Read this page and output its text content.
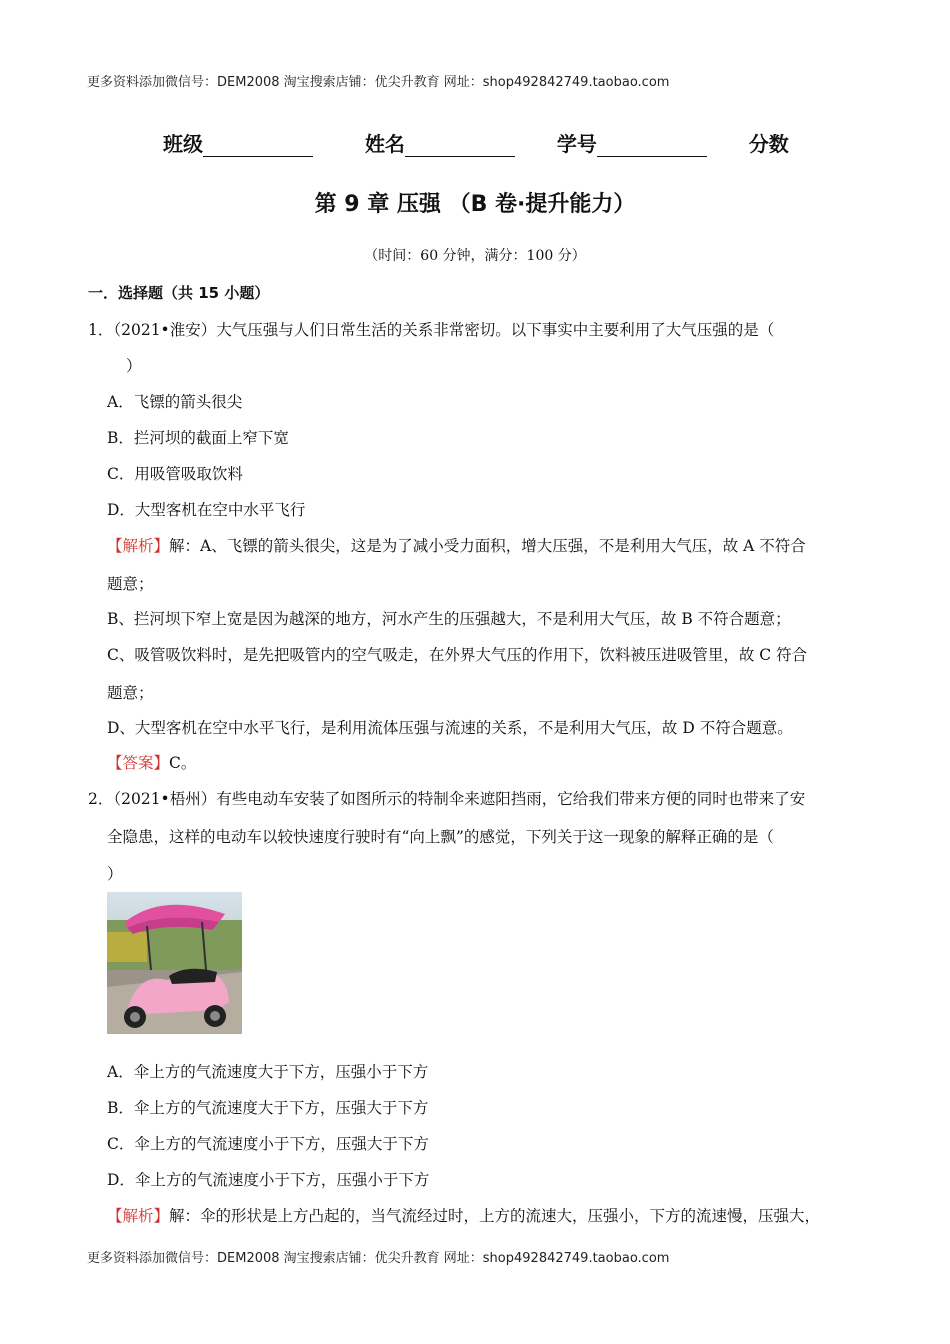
更多资料添加微信号：DEM2008 淘宝搜索店铺：优尖升教育 网址：shop492842749.taobao.com
班级	姓名	学号	分数
第 9 章 压强 （B 卷·提升能力）
（时间：60 分钟，满分：100 分）
一．选择题（共 15 小题）
1．（2021•淮安）大气压强与人们日常生活的关系非常密切。以下事实中主要利用了大气压强的是（
）
A．飞镖的箭头很尖
B．拦河坝的截面上窄下宽
C．用吸管吸取饮料
D．大型客机在空中水平飞行
【解析】解：A、飞镖的箭头很尖，这是为了减小受力面积，增大压强，不是利用大气压，故 A 不符合
题意；
B、拦河坝下窄上宽是因为越深的地方，河水产生的压强越大，不是利用大气压，故 B 不符合题意；
C、吸管吸饮料时，是先把吸管内的空气吸走，在外界大气压的作用下，饮料被压进吸管里，故 C 符合
题意；
D、大型客机在空中水平飞行，是利用流体压强与流速的关系，不是利用大气压，故 D 不符合题意。
【答案】C。
2．（2021•梧州）有些电动车安装了如图所示的特制伞来遮阳挡雨，它给我们带来方便的同时也带来了安
全隐患，这样的电动车以较快速度行驶时有“向上飘”的感觉，下列关于这一现象的解释正确的是（
）
A．伞上方的气流速度大于下方，压强小于下方
B．伞上方的气流速度大于下方，压强大于下方
C．伞上方的气流速度小于下方，压强大于下方
D．伞上方的气流速度小于下方，压强小于下方
【解析】解：伞的形状是上方凸起的，当气流经过时，上方的流速大，压强小，下方的流速慢，压强大，
更多资料添加微信号：DEM2008 淘宝搜索店铺：优尖升教育 网址：shop492842749.taobao.com
